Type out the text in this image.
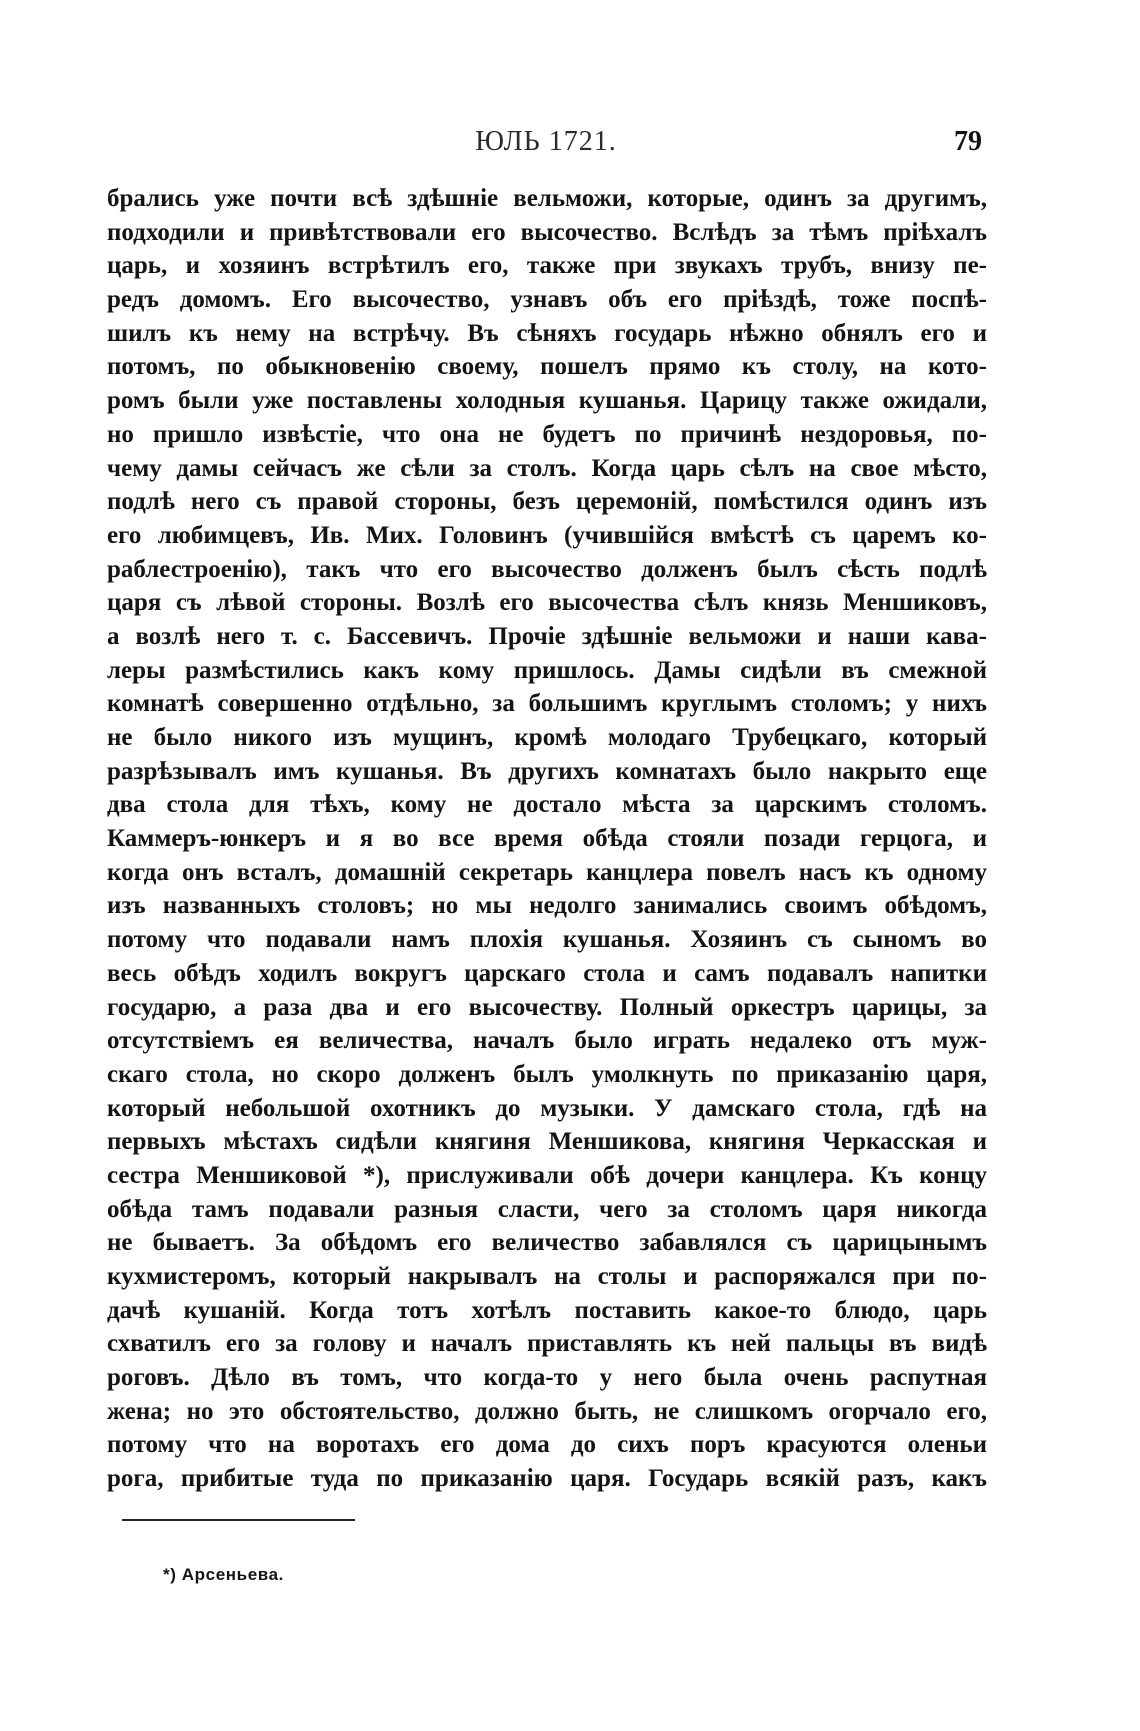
ЮЛЬ 1721.	79
брались уже почти всѣ здѣшніе вельможи, которые, одинъ за другимъ,
подходили и привѣтствовали его высочество. Вслѣдъ за тѣмъ пріѣхалъ
царь, и хозяинъ встрѣтилъ его, также при звукахъ трубъ, внизу пе-
редъ домомъ. Его высочество, узнавъ объ его пріѣздѣ, тоже поспѣ-
шилъ къ нему на встрѣчу. Въ сѣняхъ государь нѣжно обнялъ его и
потомъ, по обыкновенію своему, пошелъ прямо къ столу, на кото-
ромъ были уже поставлены холодныя кушанья. Царицу также ожидали,
но пришло извѣстіе, что она не будетъ по причинѣ нездоровья, по-
чему дамы сейчасъ же сѣли за столъ. Когда царь сѣлъ на свое мѣсто,
подлѣ него съ правой стороны, безъ церемоній, помѣстился одинъ изъ
его любимцевъ, Ив. Мих. Головинъ (учившійся вмѣстѣ съ царемъ ко-
раблестроенію), такъ что его высочество долженъ былъ сѣсть подлѣ
царя съ лѣвой стороны. Возлѣ его высочества сѣлъ князь Меншиковъ,
а возлѣ него т. с. Бассевичъ. Прочіе здѣшніе вельможи и наши кава-
леры размѣстились какъ кому пришлось. Дамы сидѣли въ смежной
комнатѣ совершенно отдѣльно, за большимъ круглымъ столомъ; у нихъ
не было никого изъ мущинъ, кромѣ молодаго Трубецкаго, который
разрѣзывалъ имъ кушанья. Въ другихъ комнатахъ было накрыто еще
два стола для тѣхъ, кому не достало мѣста за царскимъ столомъ.
Каммеръ-юнкеръ и я во все время обѣда стояли позади герцога, и
когда онъ всталъ, домашній секретарь канцлера повелъ насъ къ одному
изъ названныхъ столовъ; но мы недолго занимались своимъ обѣдомъ,
потому что подавали намъ плохія кушанья. Хозяинъ съ сыномъ во
весь обѣдъ ходилъ вокругъ царскаго стола и самъ подавалъ напитки
государю, а раза два и его высочеству. Полный оркестръ царицы, за
отсутствіемъ ея величества, началъ было играть недалеко отъ муж-
скаго стола, но скоро долженъ былъ умолкнуть по приказанію царя,
который небольшой охотникъ до музыки. У дамскаго стола, гдѣ на
первыхъ мѣстахъ сидѣли княгиня Меншикова, княгиня Черкасская и
сестра Меншиковой *), прислуживали обѣ дочери канцлера. Къ концу
обѣда тамъ подавали разныя сласти, чего за столомъ царя никогда
не бываетъ. За обѣдомъ его величество забавлялся съ царицынымъ
кухмистеромъ, который накрывалъ на столы и распоряжался при по-
дачѣ кушаній. Когда тотъ хотѣлъ поставить какое-то блюдо, царь
схватилъ его за голову и началъ приставлять къ ней пальцы въ видѣ
роговъ. Дѣло въ томъ, что когда-то у него была очень распутная
жена; но это обстоятельство, должно быть, не слишкомъ огорчало его,
потому что на воротахъ его дома до сихъ поръ красуются оленьи
рога, прибитые туда по приказанію царя. Государь всякій разъ, какъ
*) Арсеньева.
